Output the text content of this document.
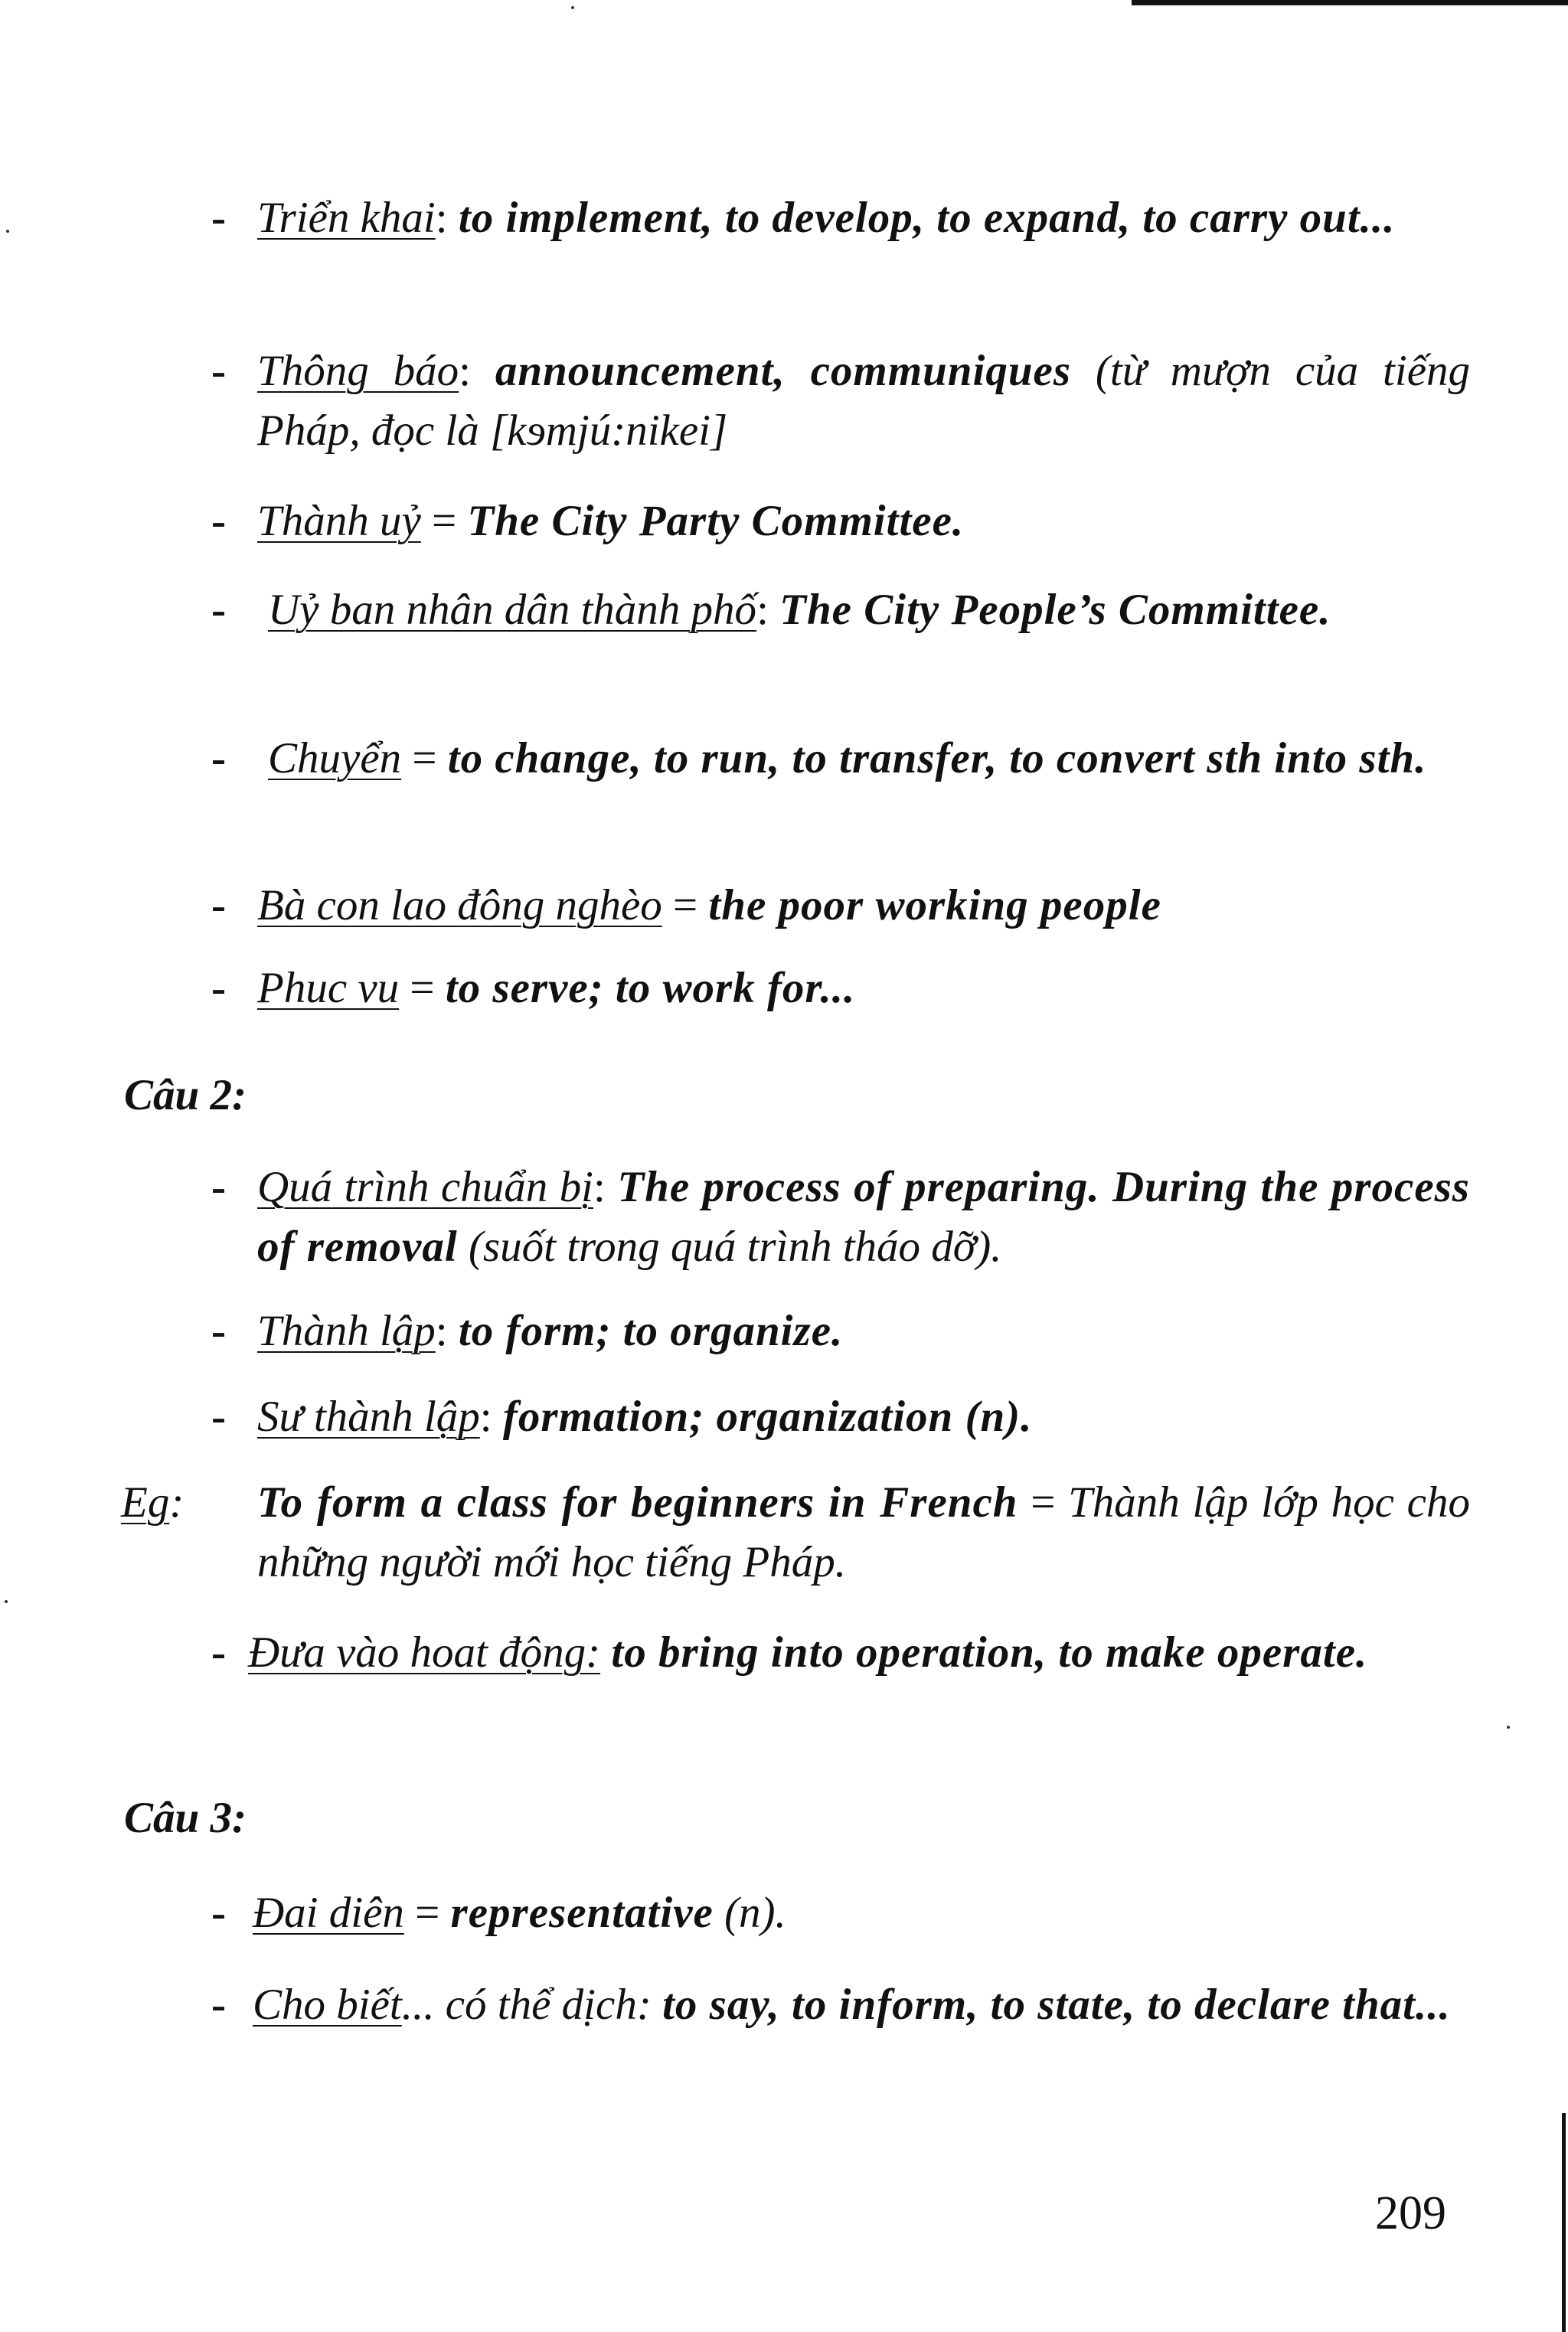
- Triển khai: to implement, to develop, to expand, to carry out...
- Thông báo: announcement, communiques (từ mượn của tiếng Pháp, đọc là [kɘmjú:nikei]
- Thành uỷ = The City Party Committee.
- Uỷ ban nhân dân thành phố: The City People’s Committee.
- Chuyển = to change, to run, to transfer, to convert sth into sth.
- Bà con lao đông nghèo = the poor working people
- Phuc vu = to serve; to work for...
Câu 2:
- Quá trình chuẩn bị: The process of preparing. During the process of removal (suốt trong quá trình tháo dỡ).
- Thành lập: to form; to organize.
- Sư thành lập: formation; organization (n).
Eg: To form a class for beginners in French = Thành lập lớp học cho những người mới học tiếng Pháp.
- Đưa vào hoat động: to bring into operation, to make operate.
Câu 3:
- Đai diên = representative (n).
- Cho biết... có thể dịch: to say, to inform, to state, to declare that...
209
